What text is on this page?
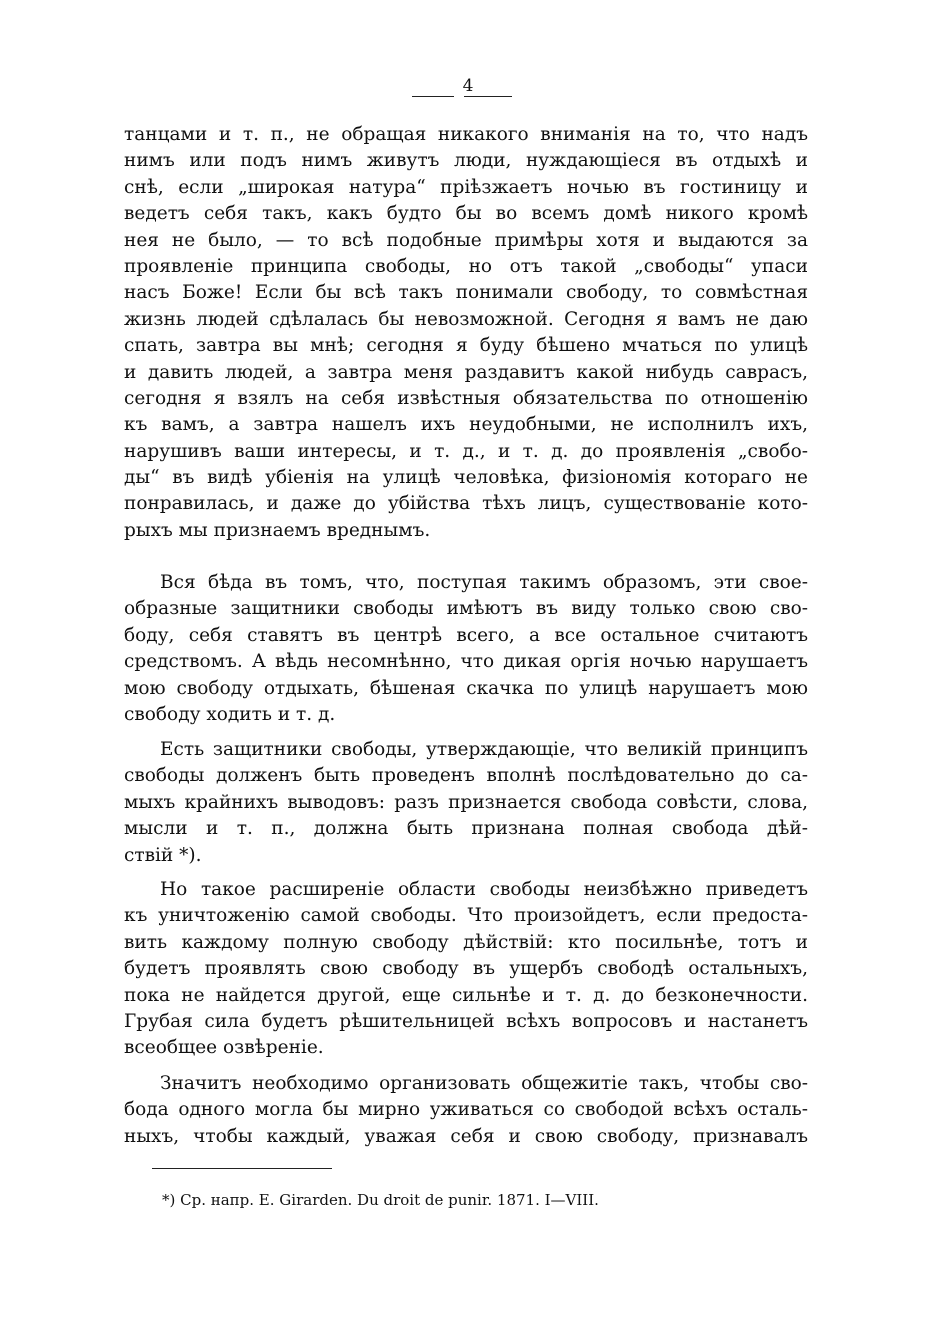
4
танцами и т. п., не обращая никакого вниманія на то, что надъ
нимъ или подъ нимъ живутъ люди, нуждающіеся въ отдыхѣ и
снѣ, если „широкая натура“ пріѣзжаетъ ночью въ гостиницу и
ведетъ себя такъ, какъ будто бы во всемъ домѣ никого кромѣ
нея не было, — то всѣ подобные примѣры хотя и выдаются за
проявленіе принципа свободы, но отъ такой „свободы“ упаси
насъ Боже! Если бы всѣ такъ понимали свободу, то совмѣстная
жизнь людей сдѣлалась бы невозможной. Сегодня я вамъ не даю
спать, завтра вы мнѣ; сегодня я буду бѣшено мчаться по улицѣ
и давить людей, а завтра меня раздавитъ какой нибудь саврасъ,
сегодня я взялъ на себя извѣстныя обязательства по отношенію
къ вамъ, а завтра нашелъ ихъ неудобными, не исполнилъ ихъ,
нарушивъ ваши интересы, и т. д., и т. д. до проявленія „свобо-
ды“ въ видѣ убіенія на улицѣ человѣка, физіономія котораго не
понравилась, и даже до убійства тѣхъ лицъ, существованіе кото-
рыхъ мы признаемъ вреднымъ.
Вся бѣда въ томъ, что, поступая такимъ образомъ, эти свое-
образные защитники свободы имѣютъ въ виду только свою сво-
боду, себя ставятъ въ центрѣ всего, а все остальное считаютъ
средствомъ. А вѣдь несомнѣнно, что дикая оргія ночью нарушаетъ
мою свободу отдыхать, бѣшеная скачка по улицѣ нарушаетъ мою
свободу ходить и т. д.
Есть защитники свободы, утверждающіе, что великій принципъ
свободы долженъ быть проведенъ вполнѣ послѣдовательно до са-
мыхъ крайнихъ выводовъ: разъ признается свобода совѣсти, слова,
мысли и т. п., должна быть признана полная свобода дѣй-
ствій *).
Но такое расширеніе области свободы неизбѣжно приведетъ
къ уничтоженію самой свободы. Что произойдетъ, если предоста-
вить каждому полную свободу дѣйствій: кто посильнѣе, тотъ и
будетъ проявлять свою свободу въ ущербъ свободѣ остальныхъ,
пока не найдется другой, еще сильнѣе и т. д. до безконечности.
Грубая сила будетъ рѣшительницей всѣхъ вопросовъ и настанетъ
всеобщее озвѣреніе.
Значитъ необходимо организовать общежитіе такъ, чтобы сво-
бода одного могла бы мирно уживаться со свободой всѣхъ осталь-
ныхъ, чтобы каждый, уважая себя и свою свободу, признавалъ
*) Ср. напр. E. Girarden. Du droit de punir. 1871. I—VIII.
